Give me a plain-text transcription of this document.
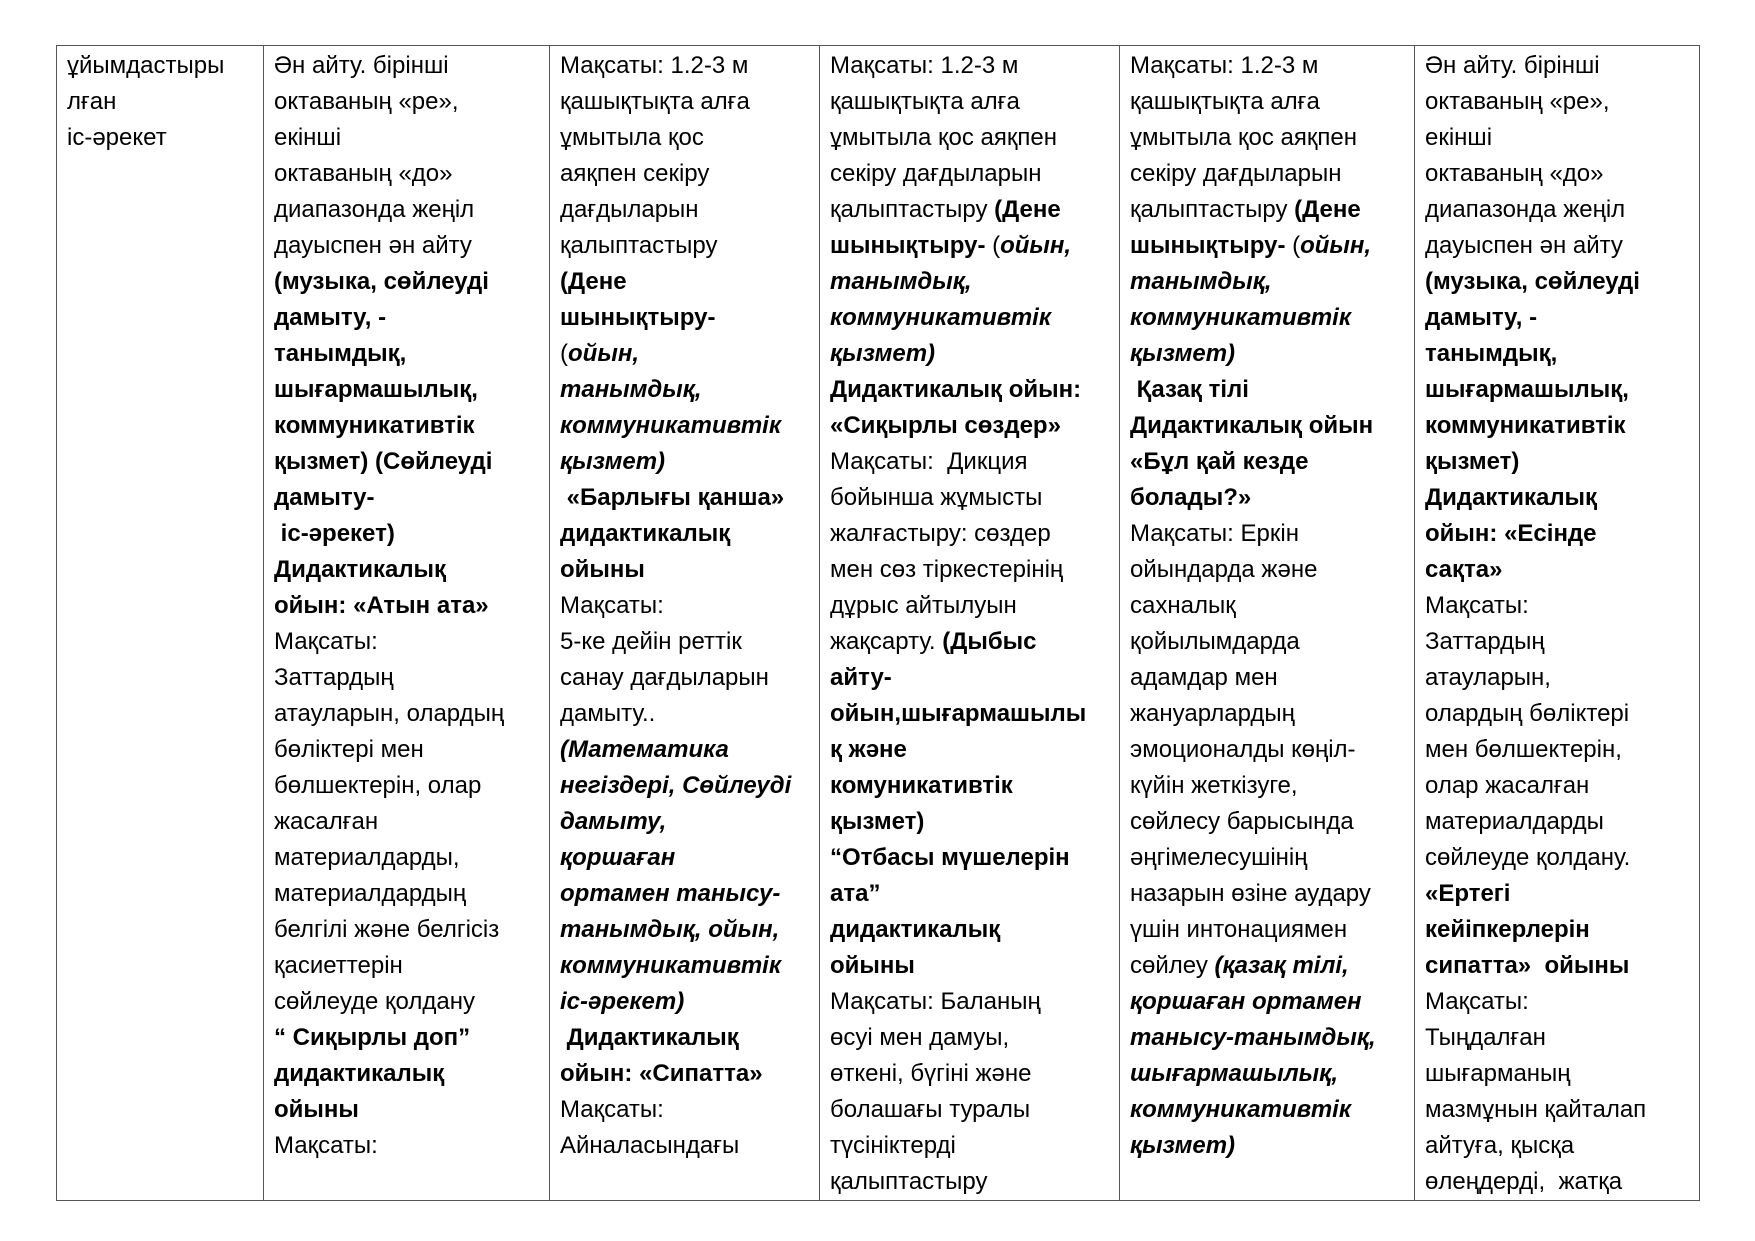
ұйымдастыры
лған
іс-әрекет

Ән айту. бірінші
октаваның «ре»,
екінші
октаваның «до»
диапазонда жеңіл
дауыспен ән айту
(музыка, сөйлеуді
дамыту, -
танымдық,
шығармашылық,
коммуникативтік
қызмет) (Сөйлеуді
дамыту-
іс-әрекет)
Дидактикалық
ойын: «Атын ата»
Мақсаты:
Заттардың
атауларын, олардың
бөліктері мен
бөлшектерін, олар
жасалған
материалдарды,
материалдардың
белгілі және белгісіз
қасиеттерін
сөйлеуде қолдану
“ Сиқырлы доп”
дидактикалық
ойыны
Мақсаты:

Мақсаты: 1.2-3 м
қашықтықта алға
ұмытыла қос
аяқпен секіру
дағдыларын
қалыптастыру
(Дене
шынықтыру-
(ойын,
танымдық,
коммуникативтік
қызмет)
«Барлығы қанша»
дидактикалық
ойыны
Мақсаты:
5-ке дейін реттік
санау дағдыларын
дамыту..
(Математика
негіздері, Сөйлеуді
дамыту,
қоршаған
ортамен танысу-
танымдық, ойын,
коммуникативтік
іс-әрекет)
Дидактикалық
ойын: «Сипатта»
Мақсаты:
Айналасындағы

Мақсаты: 1.2-3 м
қашықтықта алға
ұмытыла қос аяқпен
секіру дағдыларын
қалыптастыру (Дене
шынықтыру- (ойын,
танымдық,
коммуникативтік
қызмет)
Дидактикалық ойын:
«Сиқырлы сөздер»
Мақсаты:  Дикция
бойынша жұмысты
жалғастыру: сөздер
мен сөз тіркестерінің
дұрыс айтылуын
жақсарту. (Дыбыс
айту-
ойын,шығармашылы
қ және
комуникативтік
қызмет)
“Отбасы мүшелерін
ата”
дидактикалық
ойыны
Мақсаты: Баланың
өсуі мен дамуы,
өткені, бүгіні және
болашағы туралы
түсініктерді
қалыптастыру

Мақсаты: 1.2-3 м
қашықтықта алға
ұмытыла қос аяқпен
секіру дағдыларын
қалыптастыру (Дене
шынықтыру- (ойын,
танымдық,
коммуникативтік
қызмет)
Қазақ тілі
Дидактикалық ойын
«Бұл қай кезде
болады?»
Мақсаты: Еркін
ойындарда және
сахналық
қойылымдарда
адамдар мен
жануарлардың
эмоционалды көңіл-
күйін жеткізуге,
сөйлесу барысында
әңгімелесушінің
назарын өзіне аудару
үшін интонациямен
сөйлеу (қазақ тілі,
қоршаған ортамен
танысу-танымдық,
шығармашылық,
коммуникативтік
қызмет)

Ән айту. бірінші
октаваның «ре»,
екінші
октаваның «до»
диапазонда жеңіл
дауыспен ән айту
(музыка, сөйлеуді
дамыту, -
танымдық,
шығармашылық,
коммуникативтік
қызмет)
Дидактикалық
ойын: «Есінде
сақта»
Мақсаты:
Заттардың
атауларын,
олардың бөліктері
мен бөлшектерін,
олар жасалған
материалдарды
сөйлеуде қолдану.
«Ертегі
кейіпкерлерін
сипатта»  ойыны
Мақсаты:
Тыңдалған
шығарманың
мазмұнын қайталап
айтуға, қысқа
өлеңдерді,  жатқа
